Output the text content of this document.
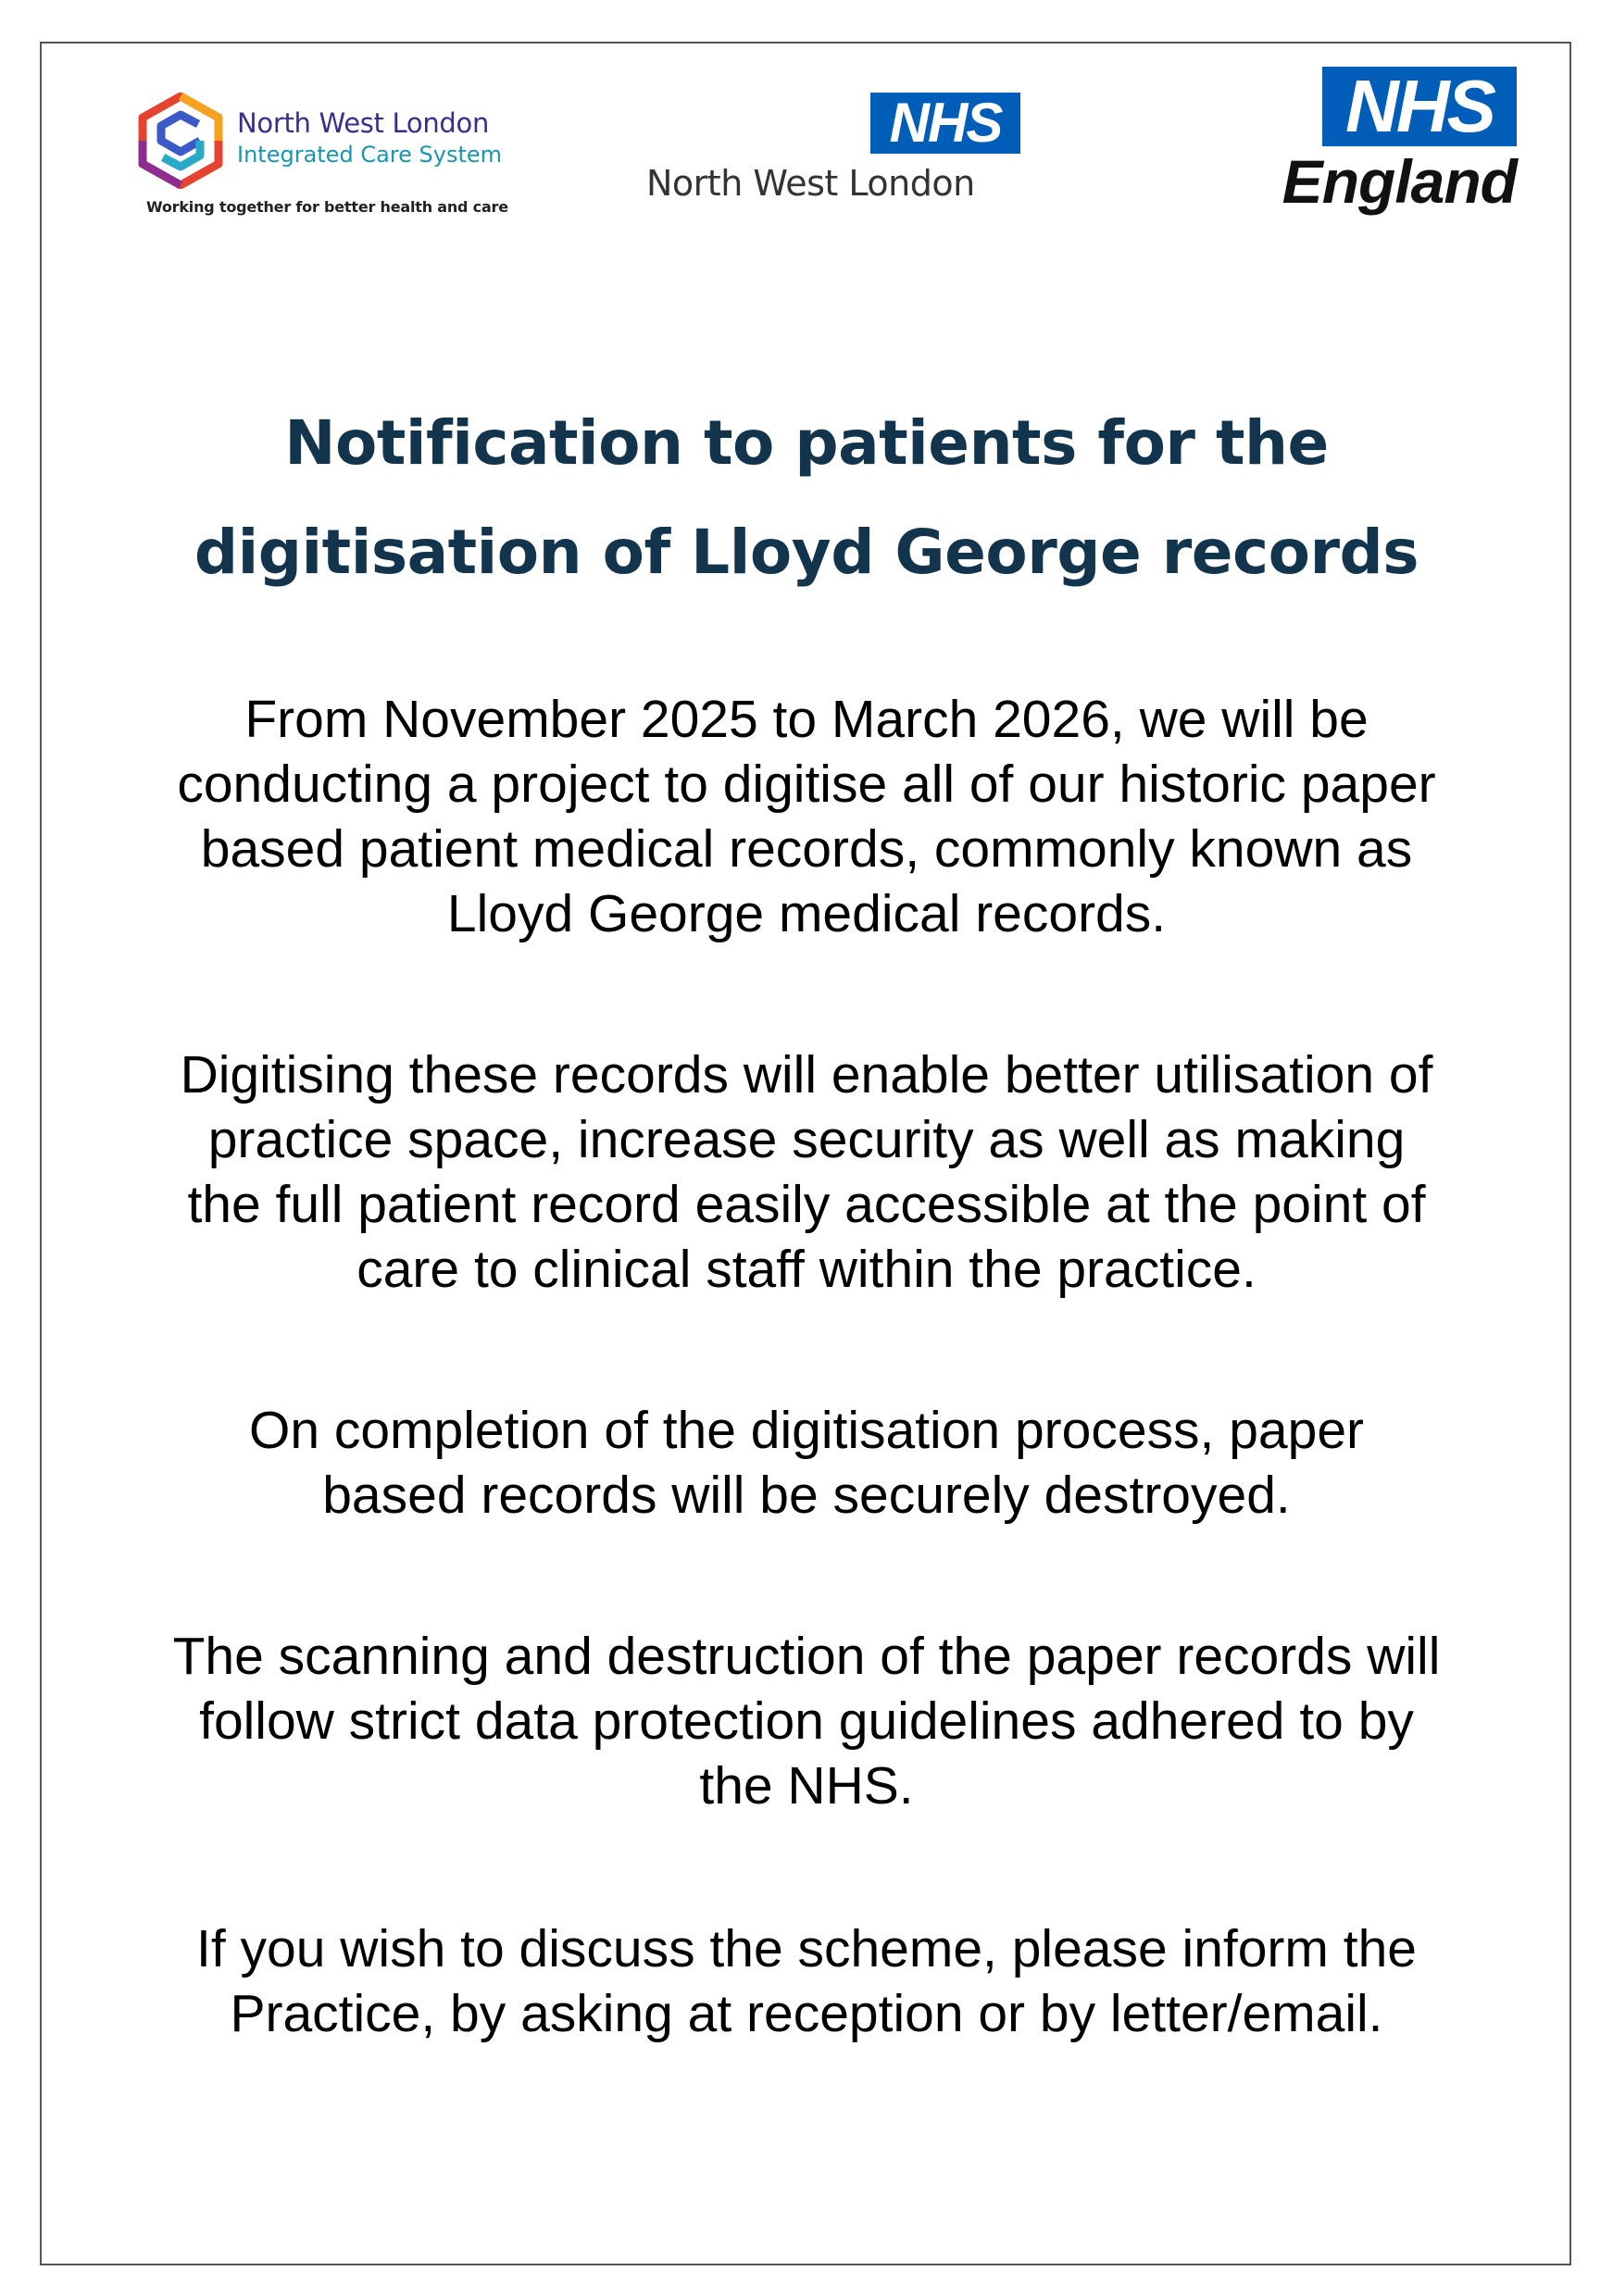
North West London
Integrated Care System
Working together for better health and care
NHS
North West London
NHS
England
Notification to patients for the
digitisation of Lloyd George records

From November 2025 to March 2026, we will be
conducting a project to digitise all of our historic paper
based patient medical records, commonly known as
Lloyd George medical records.

Digitising these records will enable better utilisation of
practice space, increase security as well as making
the full patient record easily accessible at the point of
care to clinical staff within the practice.

On completion of the digitisation process, paper
based records will be securely destroyed.

The scanning and destruction of the paper records will
follow strict data protection guidelines adhered to by
the NHS.

If you wish to discuss the scheme, please inform the
Practice, by asking at reception or by letter/email.
